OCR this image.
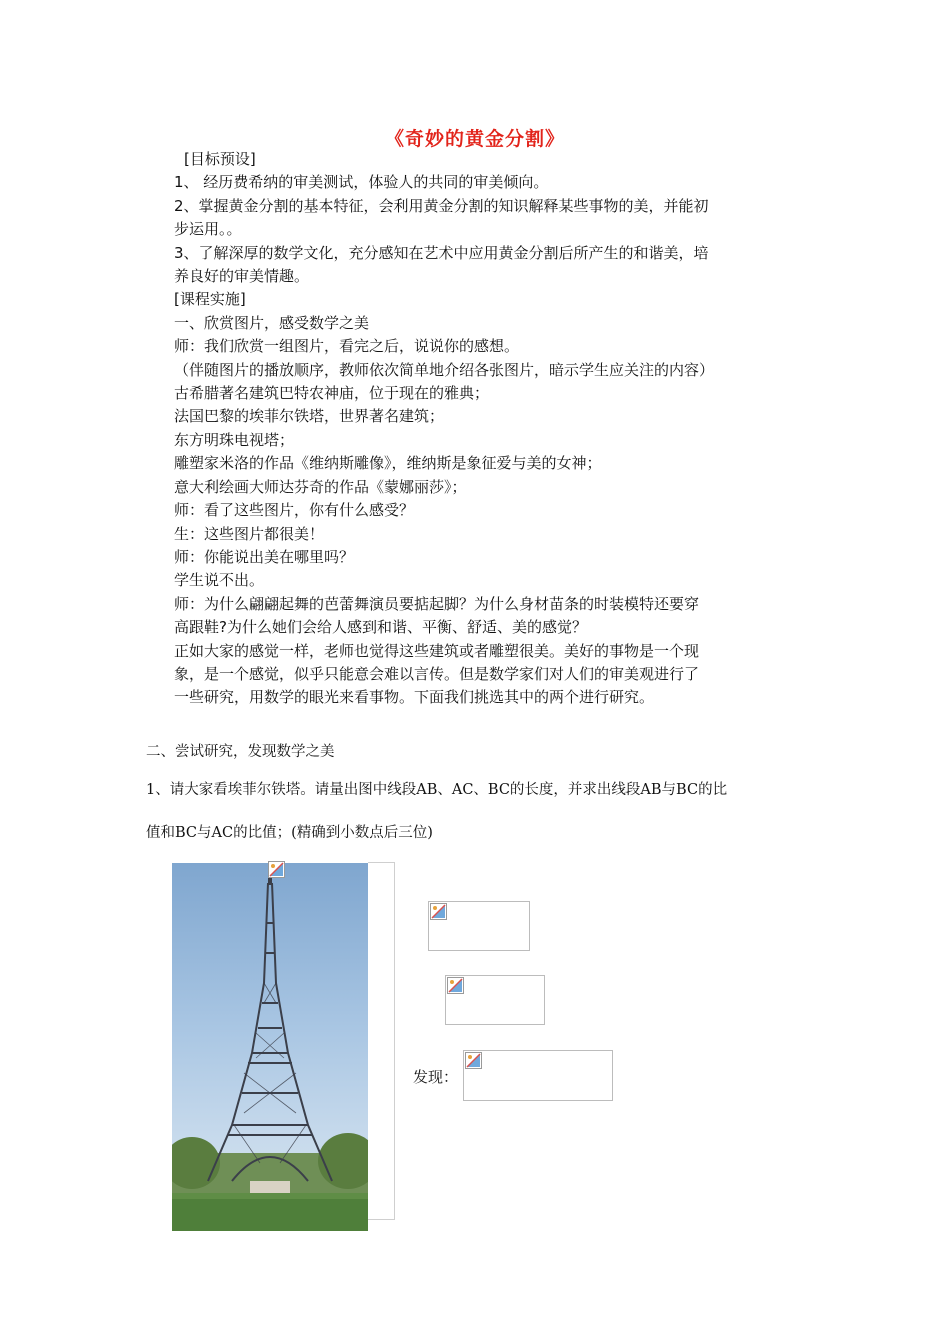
《奇妙的黄金分割》
[目标预设]
1、 经历费希纳的审美测试，体验人的共同的审美倾向。
2、掌握黄金分割的基本特征，会利用黄金分割的知识解释某些事物的美，并能初
步运用。。
3、了解深厚的数学文化，充分感知在艺术中应用黄金分割后所产生的和谐美，培
养良好的审美情趣。
[课程实施]
一、欣赏图片，感受数学之美
师：我们欣赏一组图片，看完之后，说说你的感想。
（伴随图片的播放顺序，教师依次简单地介绍各张图片，暗示学生应关注的内容）
古希腊著名建筑巴特农神庙，位于现在的雅典；
法国巴黎的埃菲尔铁塔，世界著名建筑；
东方明珠电视塔；
雕塑家米洛的作品《维纳斯雕像》，维纳斯是象征爱与美的女神；
意大利绘画大师达芬奇的作品《蒙娜丽莎》；
师：看了这些图片，你有什么感受？
生：这些图片都很美！
师：你能说出美在哪里吗？
学生说不出。
师：为什么翩翩起舞的芭蕾舞演员要掂起脚？为什么身材苗条的时装模特还要穿
高跟鞋?为什么她们会给人感到和谐、平衡、舒适、美的感觉？
正如大家的感觉一样，老师也觉得这些建筑或者雕塑很美。美好的事物是一个现
象，是一个感觉，似乎只能意会难以言传。但是数学家们对人们的审美观进行了
一些研究，用数学的眼光来看事物。下面我们挑选其中的两个进行研究。
二、尝试研究，发现数学之美
1、请大家看埃菲尔铁塔。请量出图中线段AB、AC、BC的长度，并求出线段AB与BC的比
值和BC与AC的比值；(精确到小数点后三位)
发现：
